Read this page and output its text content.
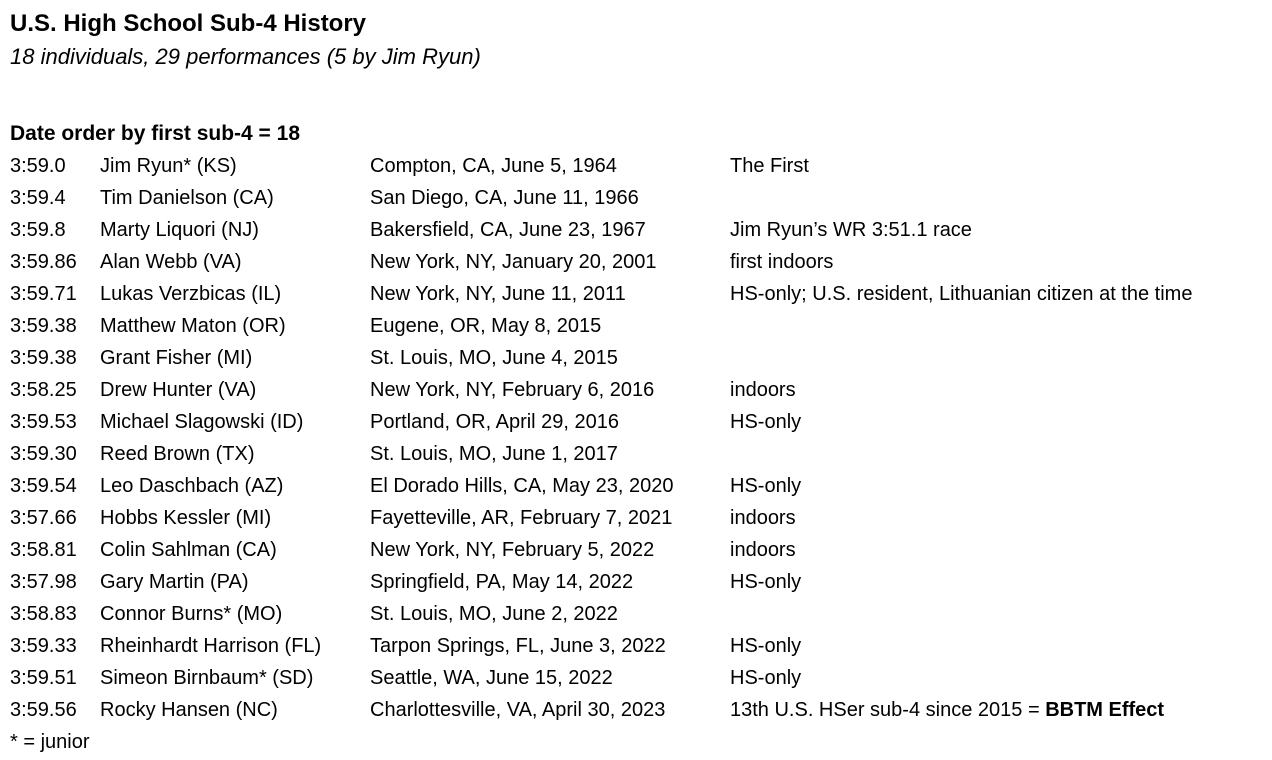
U.S. High School Sub-4 History
18 individuals, 29 performances (5 by Jim Ryun)
Date order by first sub-4 = 18
3:59.0	Jim Ryun* (KS)	Compton, CA, June 5, 1964	The First
3:59.4	Tim Danielson (CA)	San Diego, CA, June 11, 1966
3:59.8	Marty Liquori (NJ)	Bakersfield, CA, June 23, 1967	Jim Ryun’s WR 3:51.1 race
3:59.86	Alan Webb (VA)	New York, NY, January 20, 2001	first indoors
3:59.71	Lukas Verzbicas (IL)	New York, NY, June 11, 2011	HS-only; U.S. resident, Lithuanian citizen at the time
3:59.38	Matthew Maton (OR)	Eugene, OR, May 8, 2015
3:59.38	Grant Fisher (MI)	St. Louis, MO, June 4, 2015
3:58.25	Drew Hunter (VA)	New York, NY, February 6, 2016	indoors
3:59.53	Michael Slagowski (ID)	Portland, OR, April 29, 2016	HS-only
3:59.30	Reed Brown (TX)	St. Louis, MO, June 1, 2017
3:59.54	Leo Daschbach (AZ)	El Dorado Hills, CA, May 23, 2020	HS-only
3:57.66	Hobbs Kessler (MI)	Fayetteville, AR, February 7, 2021	indoors
3:58.81	Colin Sahlman (CA)	New York, NY, February 5, 2022	indoors
3:57.98	Gary Martin (PA)	Springfield, PA, May 14, 2022	HS-only
3:58.83	Connor Burns* (MO)	St. Louis, MO, June 2, 2022
3:59.33	Rheinhardt Harrison (FL)	Tarpon Springs, FL, June 3, 2022	HS-only
3:59.51	Simeon Birnbaum* (SD)	Seattle, WA, June 15, 2022	HS-only
3:59.56	Rocky Hansen (NC)	Charlottesville, VA, April 30, 2023	13th U.S. HSer sub-4 since 2015 = BBTM Effect
* = junior
